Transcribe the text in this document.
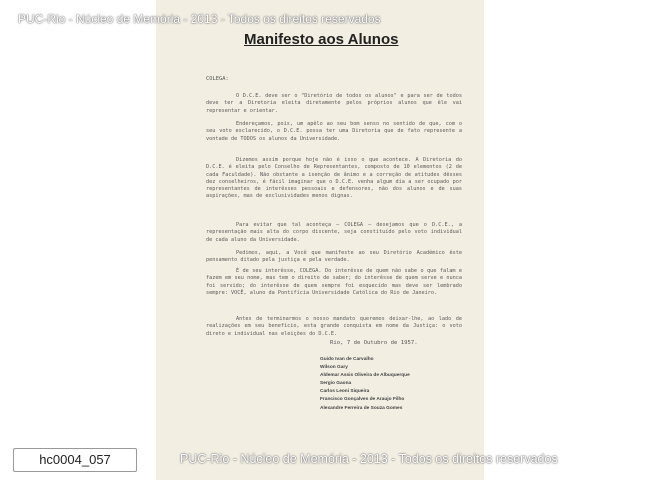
UC
PUC-Rio - Núcleo de Memória - 2013 - Todos os direitos reservados
Manifesto aos Alunos
COLEGA:

O D.C.E. deve ser o "Diretório de todos os alunos" e para ser de todos deve ter a Diretoria eleita diretamente pelos próprios alunos que êle vai representar e orientar.

Endereçamos, pois, um apêlo ao seu bom senso no sentido de que, com o seu voto esclarecido, o D.C.E. possa ter uma Diretoria que de fato represente a vontade de TODOS os alunos da Universidade.

Dizemos assim porque hoje não é isso o que acontece. A Diretoria do D.C.E. é eleita pelo Conselho de Representantes, composto de 10 elementos (2 de cada Faculdade). Não obstante a isenção de ânimo e a correção de atitudes dêsses dez conselheiros, é fácil imaginar que o D.C.E. venha algum dia a ser ocupado por representantes de interêsses pessoais e defensores, não dos alunos e de suas aspirações, mas de exclusividades menos dignas.

Para evitar que tal aconteça — COLEGA — desejamos que o D.C.E., a representação mais alta do corpo discente, seja constituído pelo voto individual de cada aluno da Universidade.

Pedimos, aqui, a Você que manifeste ao seu Diretório Acadêmico êste pensamento ditado pela justiça e pela verdade.

É de seu interêsse, COLEGA. Do interêsse de quem não sabe o que falam e fazem em seu nome, mas tem o direito de saber; do interêsse de quem serve e nunca foi servido; do interêsse de quem sempre foi esquecido mas deve ser lembrado sempre: VOCÊ, aluno da Pontifícia Universidade Católica do Rio de Janeiro.

Antes de terminarmos o nosso mandato queremos deixar-lhe, ao lado de realizações em seu benefício, esta grande conquista em nome da Justiça: o voto direto e individual nas eleições do D.C.E.

Rio, 7 de Outubro de 1957.
Guido Ivan de Carvalho
Wilson Gary
Aldemar Assis Oliveira de Albuquerque
Sergio Gaona
Carlos Leoni Siqueira
Francisco Gonçalves de Araujo Filho
Alexandre Ferreira de Souza Gomes
PUC-Rio - Núcleo de Memória - 2013 - Todos os direitos reservados
hc0004_057
